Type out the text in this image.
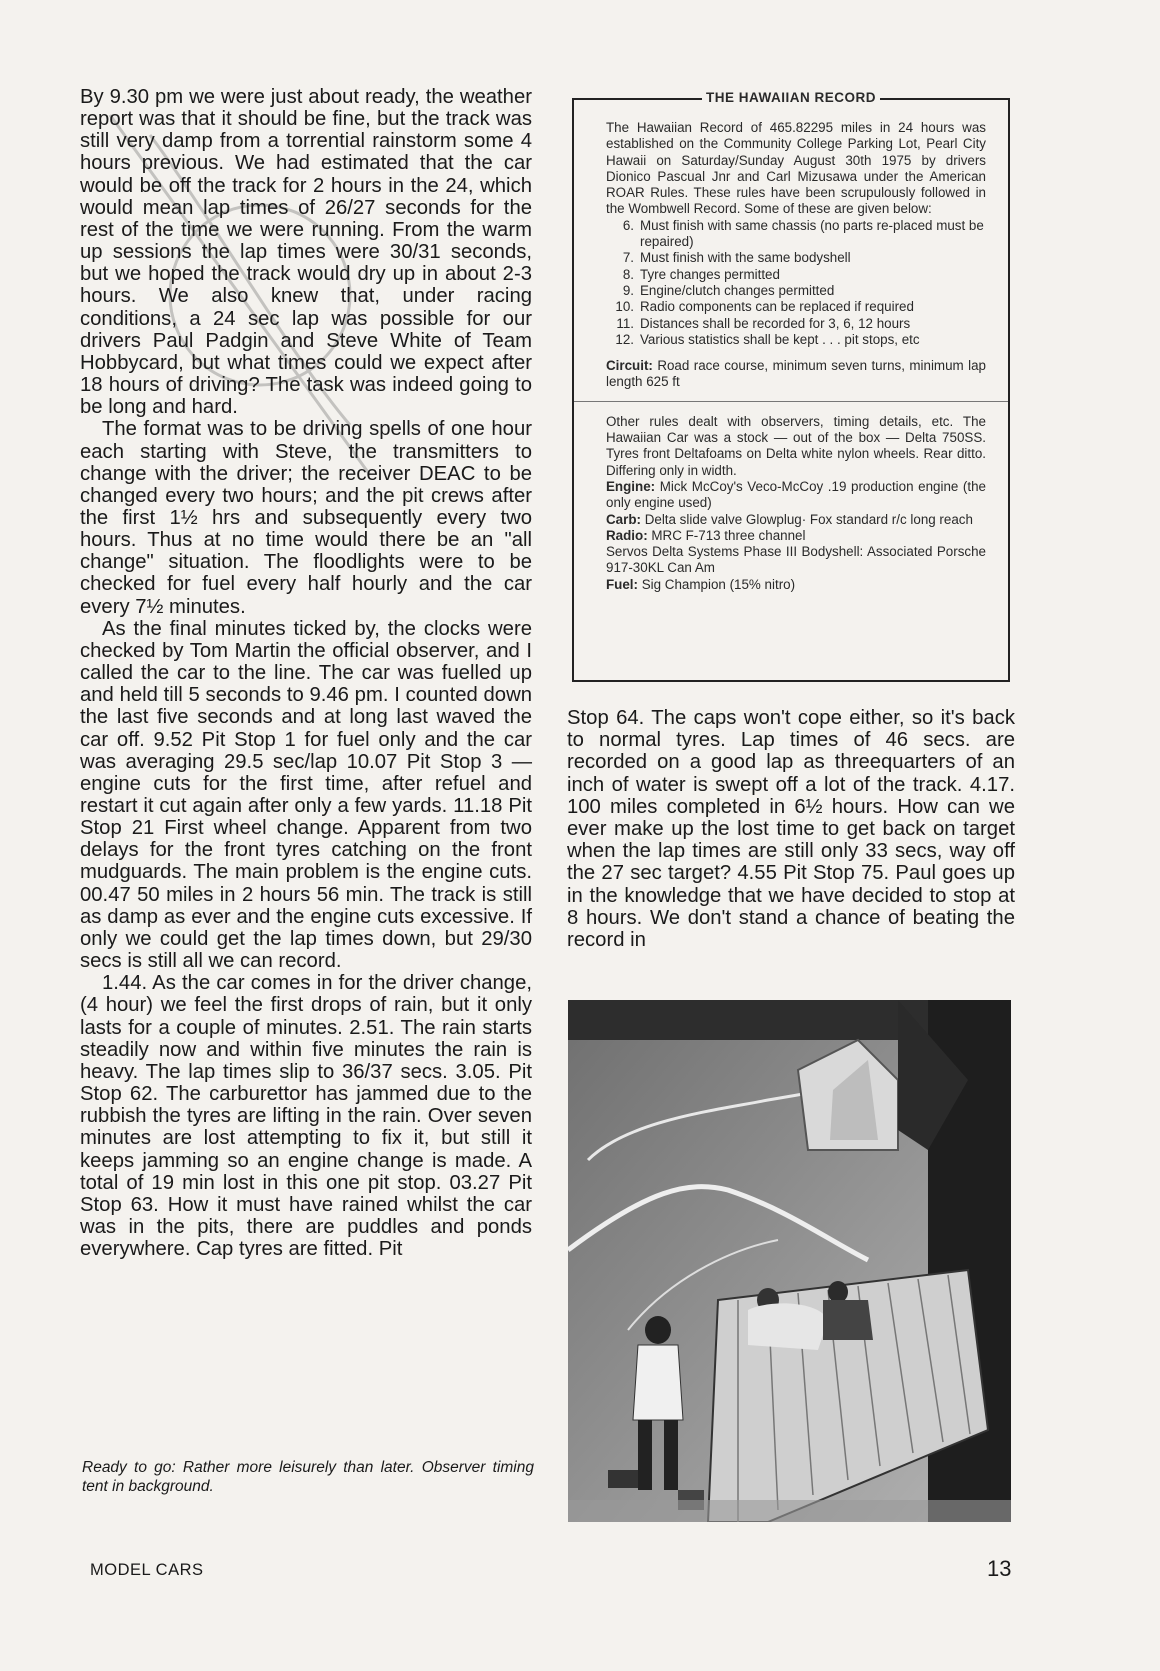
By 9.30 pm we were just about ready, the weather report was that it should be fine, but the track was still very damp from a torrential rainstorm some 4 hours previous. We had estimated that the car would be off the track for 2 hours in the 24, which would mean lap times of 26/27 seconds for the rest of the time we were running. From the warm up sessions the lap times were 30/31 seconds, but we hoped the track would dry up in about 2-3 hours. We also knew that, under racing conditions, a 24 sec lap was possible for our drivers Paul Padgin and Steve White of Team Hobbycard, but what times could we expect after 18 hours of driving? The task was indeed going to be long and hard.

The format was to be driving spells of one hour each starting with Steve, the transmitters to change with the driver; the receiver DEAC to be changed every two hours; and the pit crews after the first 1½ hrs and subsequently every two hours. Thus at no time would there be an "all change" situation. The floodlights were to be checked for fuel every half hourly and the car every 7½ minutes.

As the final minutes ticked by, the clocks were checked by Tom Martin the official observer, and I called the car to the line. The car was fuelled up and held till 5 seconds to 9.46 pm. I counted down the last five seconds and at long last waved the car off. 9.52 Pit Stop 1 for fuel only and the car was averaging 29.5 sec/lap 10.07 Pit Stop 3 — engine cuts for the first time, after refuel and restart it cut again after only a few yards. 11.18 Pit Stop 21 First wheel change. Apparent from two delays for the front tyres catching on the front mudguards. The main problem is the engine cuts. 00.47 50 miles in 2 hours 56 min. The track is still as damp as ever and the engine cuts excessive. If only we could get the lap times down, but 29/30 secs is still all we can record.

1.44. As the car comes in for the driver change, (4 hour) we feel the first drops of rain, but it only lasts for a couple of minutes. 2.51. The rain starts steadily now and within five minutes the rain is heavy. The lap times slip to 36/37 secs. 3.05. Pit Stop 62. The carburettor has jammed due to the rubbish the tyres are lifting in the rain. Over seven minutes are lost attempting to fix it, but still it keeps jamming so an engine change is made. A total of 19 min lost in this one pit stop. 03.27 Pit Stop 63. How it must have rained whilst the car was in the pits, there are puddles and ponds everywhere. Cap tyres are fitted. Pit

Ready to go: Rather more leisurely than later. Observer timing tent in background.
THE HAWAIIAN RECORD

The Hawaiian Record of 465.82295 miles in 24 hours was established on the Community College Parking Lot, Pearl City Hawaii on Saturday/Sunday August 30th 1975 by drivers Dionico Pascual Jnr and Carl Mizusawa under the American ROAR Rules. These rules have been scrupulously followed in the Wombwell Record. Some of these are given below:

6. Must finish with same chassis (no parts re-placed must be repaired)
7. Must finish with the same bodyshell
8. Tyre changes permitted
9. Engine/clutch changes permitted
10. Radio components can be replaced if required
11. Distances shall be recorded for 3, 6, 12 hours
12. Various statistics shall be kept . . . pit stops, etc

Circuit: Road race course, minimum seven turns, minimum lap length 625 ft

Other rules dealt with observers, timing details, etc. The Hawaiian Car was a stock — out of the box — Delta 750SS. Tyres front Deltafoams on Delta white nylon wheels. Rear ditto. Differing only in width.

Engine: Mick McCoy's Veco-McCoy .19 production engine (the only engine used)

Carb: Delta slide valve Glowplug· Fox standard r/c long reach

Radio: MRC F-713 three channel

Servos Delta Systems Phase III Bodyshell: Associated Porsche 917-30KL Can Am

Fuel: Sig Champion (15% nitro)

Stop 64. The caps won't cope either, so it's back to normal tyres. Lap times of 46 secs. are recorded on a good lap as threequarters of an inch of water is swept off a lot of the track. 4.17. 100 miles completed in 6½ hours. How can we ever make up the lost time to get back on target when the lap times are still only 33 secs, way off the 27 sec target? 4.55 Pit Stop 75. Paul goes up in the knowledge that we have decided to stop at 8 hours. We don't stand a chance of beating the record in

MODEL CARS	13
